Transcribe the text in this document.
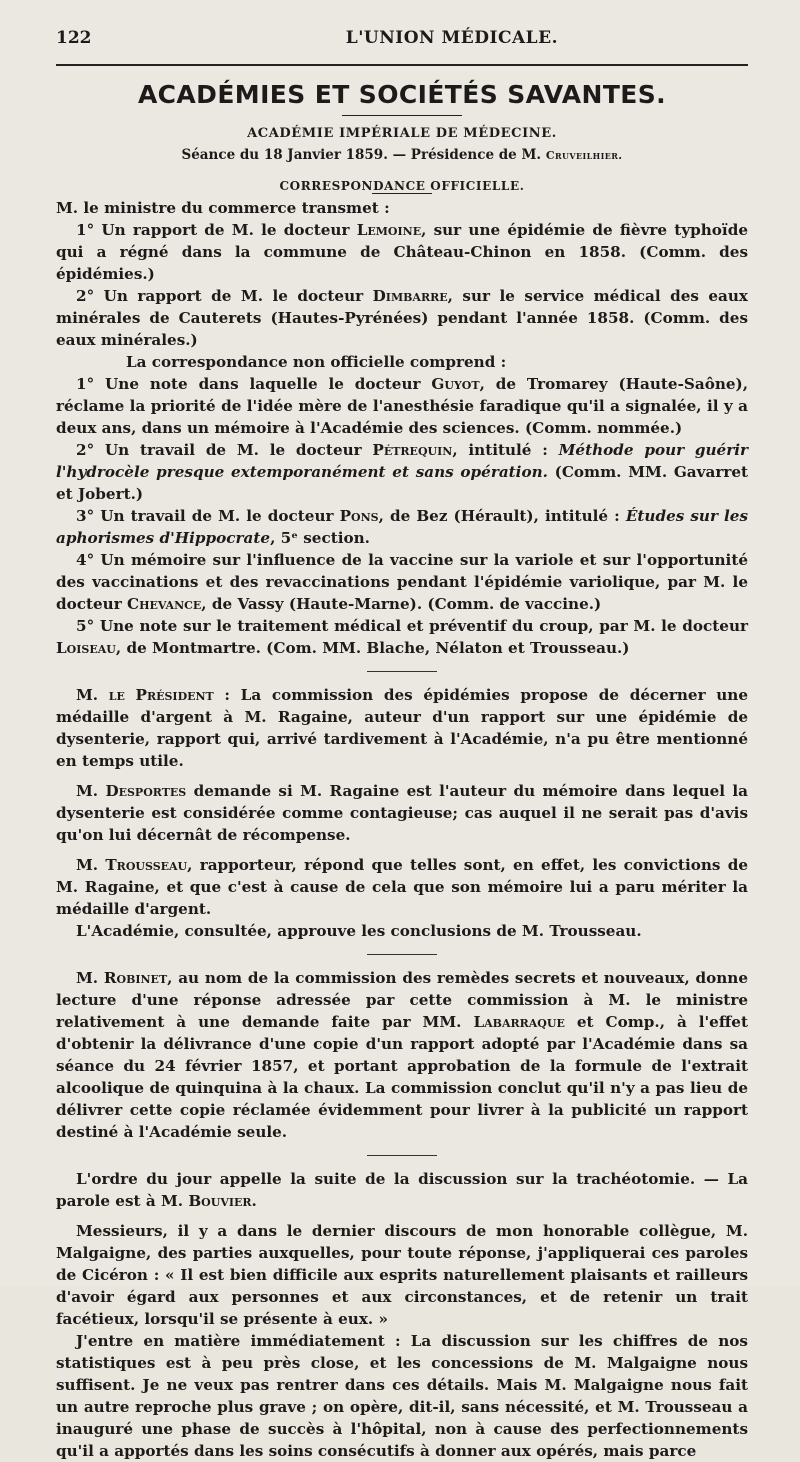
122	L'UNION MÉDICALE.
ACADÉMIES ET SOCIÉTÉS SAVANTES.
ACADÉMIE IMPÉRIALE DE MÉDECINE.
Séance du 18 Janvier 1859. — Présidence de M. Cruveilhier.
CORRESPONDANCE OFFICIELLE.

M. le ministre du commerce transmet :

1° Un rapport de M. le docteur Lemoine, sur une épidémie de fièvre typhoïde qui a régné dans la commune de Château-Chinon en 1858. (Comm. des épidémies.)

2° Un rapport de M. le docteur Dimbarre, sur le service médical des eaux minérales de Cauterets (Hautes-Pyrénées) pendant l'année 1858. (Comm. des eaux minérales.)

La correspondance non officielle comprend :

1° Une note dans laquelle le docteur Guyot, de Tromarey (Haute-Saône), réclame la priorité de l'idée mère de l'anesthésie faradique qu'il a signalée, il y a deux ans, dans un mémoire à l'Académie des sciences. (Comm. nommée.)

2° Un travail de M. le docteur Pétrequin, intitulé : Méthode pour guérir l'hydrocèle presque extemporanément et sans opération. (Comm. MM. Gavarret et Jobert.)

3° Un travail de M. le docteur Pons, de Bez (Hérault), intitulé : Études sur les aphorismes d'Hippocrate, 5ᵉ section.

4° Un mémoire sur l'influence de la vaccine sur la variole et sur l'opportunité des vaccinations et des revaccinations pendant l'épidémie variolique, par M. le docteur Chevance, de Vassy (Haute-Marne). (Comm. de vaccine.)

5° Une note sur le traitement médical et préventif du croup, par M. le docteur Loiseau, de Montmartre. (Com. MM. Blache, Nélaton et Trousseau.)

M. le Président : La commission des épidémies propose de décerner une médaille d'argent à M. Ragaine, auteur d'un rapport sur une épidémie de dysenterie, rapport qui, arrivé tardivement à l'Académie, n'a pu être mentionné en temps utile.

M. Desportes demande si M. Ragaine est l'auteur du mémoire dans lequel la dysenterie est considérée comme contagieuse; cas auquel il ne serait pas d'avis qu'on lui décernât de récompense.

M. Trousseau, rapporteur, répond que telles sont, en effet, les convictions de M. Ragaine, et que c'est à cause de cela que son mémoire lui a paru mériter la médaille d'argent.

L'Académie, consultée, approuve les conclusions de M. Trousseau.

M. Robinet, au nom de la commission des remèdes secrets et nouveaux, donne lecture d'une réponse adressée par cette commission à M. le ministre relativement à une demande faite par MM. Labarraque et Comp., à l'effet d'obtenir la délivrance d'une copie d'un rapport adopté par l'Académie dans sa séance du 24 février 1857, et portant approbation de la formule de l'extrait alcoolique de quinquina à la chaux. La commission conclut qu'il n'y a pas lieu de délivrer cette copie réclamée évidemment pour livrer à la publicité un rapport destiné à l'Académie seule.

L'ordre du jour appelle la suite de la discussion sur la trachéotomie. — La parole est à M. Bouvier.

Messieurs, il y a dans le dernier discours de mon honorable collègue, M. Malgaigne, des parties auxquelles, pour toute réponse, j'appliquerai ces paroles de Cicéron : « Il est bien difficile aux esprits naturellement plaisants et railleurs d'avoir égard aux personnes et aux circonstances, et de retenir un trait facétieux, lorsqu'il se présente à eux. »

J'entre en matière immédiatement : La discussion sur les chiffres de nos statistiques est à peu près close, et les concessions de M. Malgaigne nous suffisent. Je ne veux pas rentrer dans ces détails. Mais M. Malgaigne nous fait un autre reproche plus grave ; on opère, dit-il, sans nécessité, et M. Trousseau a inauguré une phase de succès à l'hôpital, non à cause des perfectionnements qu'il a apportés dans les soins consécutifs à donner aux opérés, mais parce
